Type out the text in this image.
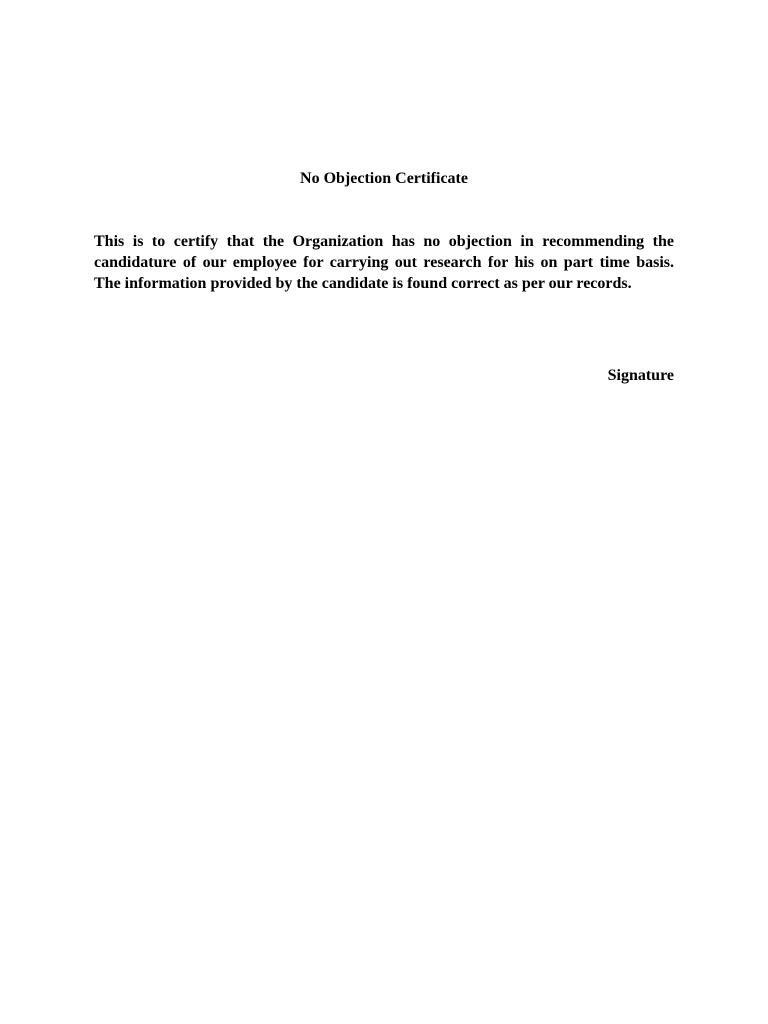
No Objection Certificate
This is to certify that the Organization has no objection in recommending the
candidature of our employee for carrying out research for his on part time basis.
The information provided by the candidate is found correct as per our records.
Signature
